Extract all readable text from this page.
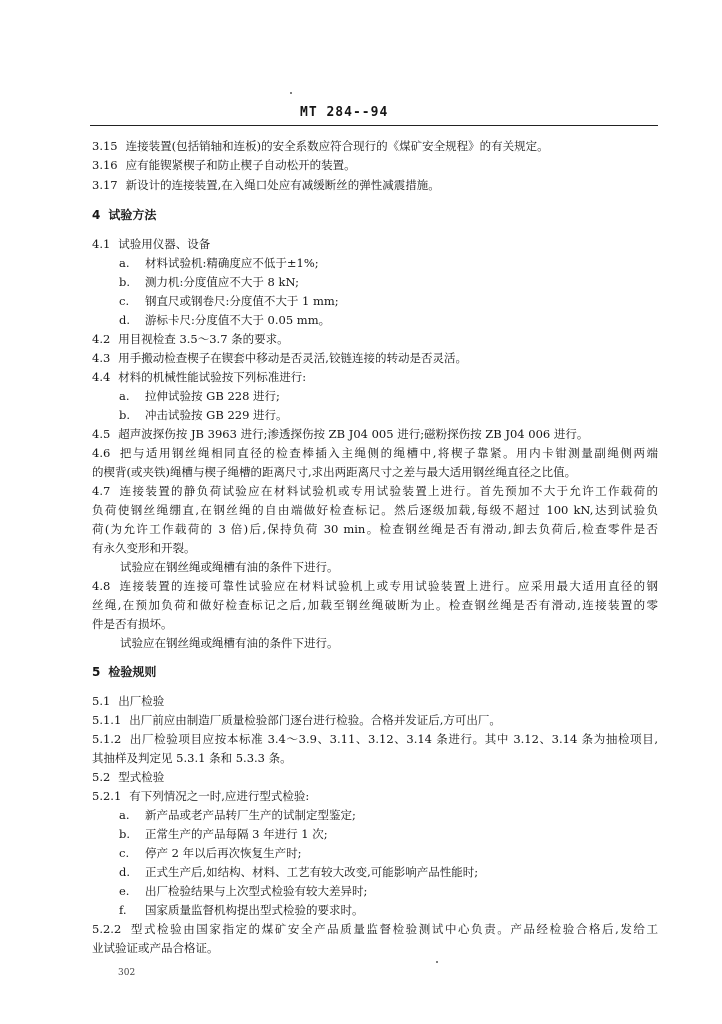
MT 284--94
3.15 连接装置(包括销轴和连板)的安全系数应符合现行的《煤矿安全规程》的有关规定。
3.16 应有能锲紧楔子和防止楔子自动松开的装置。
3.17 新设计的连接装置,在入绳口处应有减缓断丝的弹性减震措施。
4 试验方法
4.1 试验用仪器、设备
a. 材料试验机:精确度应不低于±1%;
b. 测力机:分度值应不大于 8 kN;
c. 钢直尺或钢卷尺:分度值不大于 1 mm;
d. 游标卡尺:分度值不大于 0.05 mm。
4.2 用目视检查 3.5～3.7 条的要求。
4.3 用手搬动检查楔子在锲套中移动是否灵活,铰链连接的转动是否灵活。
4.4 材料的机械性能试验按下列标准进行:
a. 拉伸试验按 GB 228 进行;
b. 冲击试验按 GB 229 进行。
4.5 超声波探伤按 JB 3963 进行;渗透探伤按 ZB J04 005 进行;磁粉探伤按 ZB J04 006 进行。
4.6 把与适用钢丝绳相同直径的检查棒插入主绳侧的绳槽中,将楔子靠紧。用内卡钳测量副绳侧两端
的楔背(或夹铁)绳槽与楔子绳槽的距离尺寸,求出两距离尺寸之差与最大适用钢丝绳直径之比值。
4.7 连接装置的静负荷试验应在材料试验机或专用试验装置上进行。首先预加不大于允许工作载荷的
负荷使钢丝绳绷直,在钢丝绳的自由端做好检查标记。然后逐级加载,每级不超过 100 kN,达到试验负
荷(为允许工作载荷的 3 倍)后,保持负荷 30 min。检查钢丝绳是否有滑动,卸去负荷后,检查零件是否
有永久变形和开裂。
试验应在钢丝绳或绳槽有油的条件下进行。
4.8 连接装置的连接可靠性试验应在材料试验机上或专用试验装置上进行。应采用最大适用直径的钢
丝绳,在预加负荷和做好检查标记之后,加载至钢丝绳破断为止。检查钢丝绳是否有滑动,连接装置的零
件是否有损坏。
试验应在钢丝绳或绳槽有油的条件下进行。
5 检验规则
5.1 出厂检验
5.1.1 出厂前应由制造厂质量检验部门逐台进行检验。合格并发证后,方可出厂。
5.1.2 出厂检验项目应按本标准 3.4～3.9、3.11、3.12、3.14 条进行。其中 3.12、3.14 条为抽检项目,
其抽样及判定见 5.3.1 条和 5.3.3 条。
5.2 型式检验
5.2.1 有下列情况之一时,应进行型式检验:
a. 新产品或老产品转厂生产的试制定型鉴定;
b. 正常生产的产品每隔 3 年进行 1 次;
c. 停产 2 年以后再次恢复生产时;
d. 正式生产后,如结构、材料、工艺有较大改变,可能影响产品性能时;
e. 出厂检验结果与上次型式检验有较大差异时;
f. 国家质量监督机构提出型式检验的要求时。
5.2.2 型式检验由国家指定的煤矿安全产品质量监督检验测试中心负责。产品经检验合格后,发给工
业试验证或产品合格证。
302
